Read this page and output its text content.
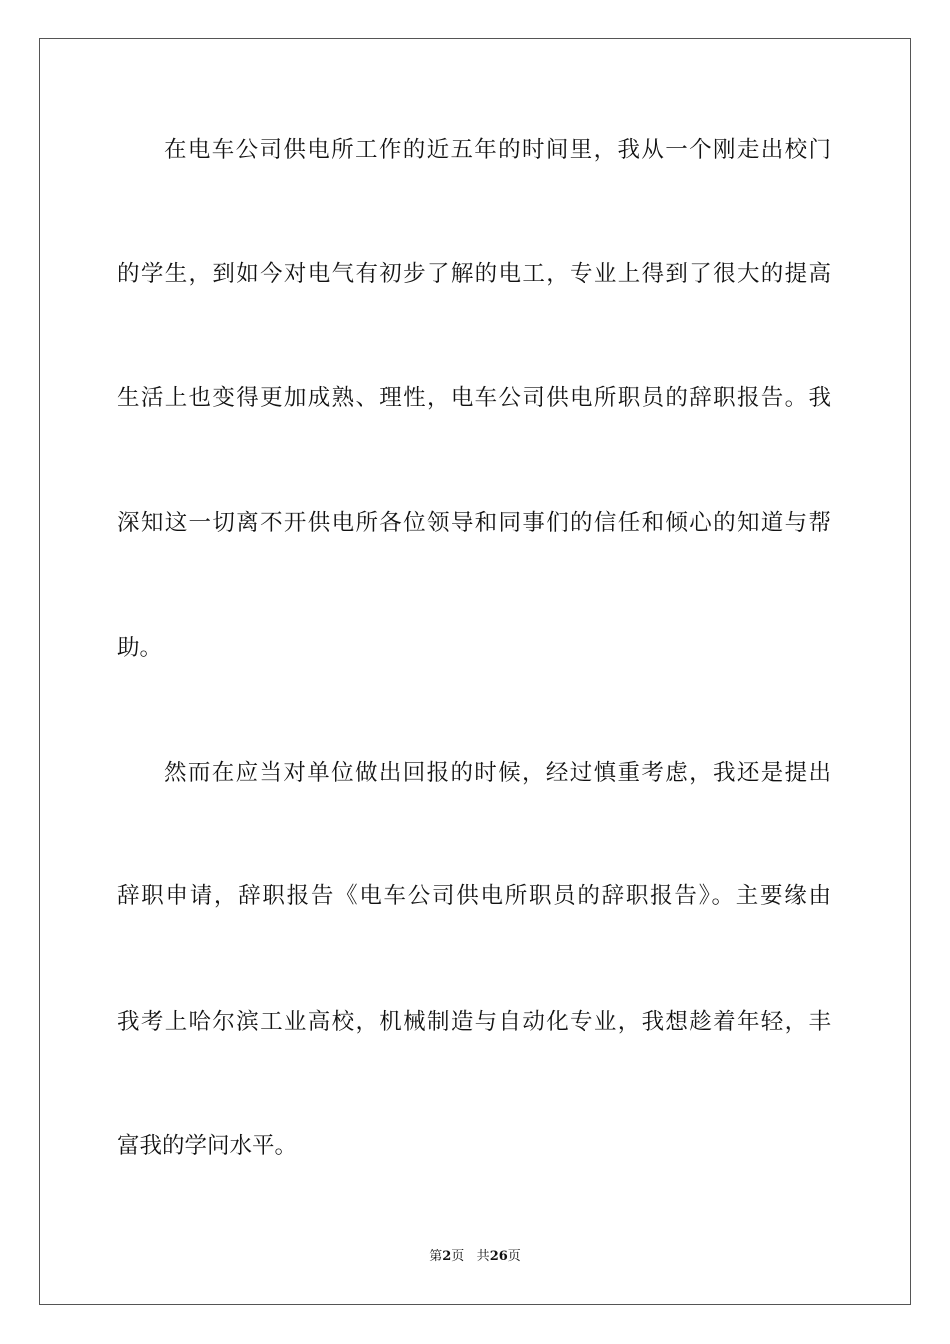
在电车公司供电所工作的近五年的时间里，我从一个刚走出校门
的学生，到如今对电气有初步了解的电工，专业上得到了很大的提高
生活上也变得更加成熟、理性，电车公司供电所职员的辞职报告。我
深知这一切离不开供电所各位领导和同事们的信任和倾心的知道与帮
助。
然而在应当对单位做出回报的时候，经过慎重考虑，我还是提出
辞职申请，辞职报告《电车公司供电所职员的辞职报告》。主要缘由
我考上哈尔滨工业高校，机械制造与自动化专业，我想趁着年轻，丰
富我的学问水平。
第2页 共26页
